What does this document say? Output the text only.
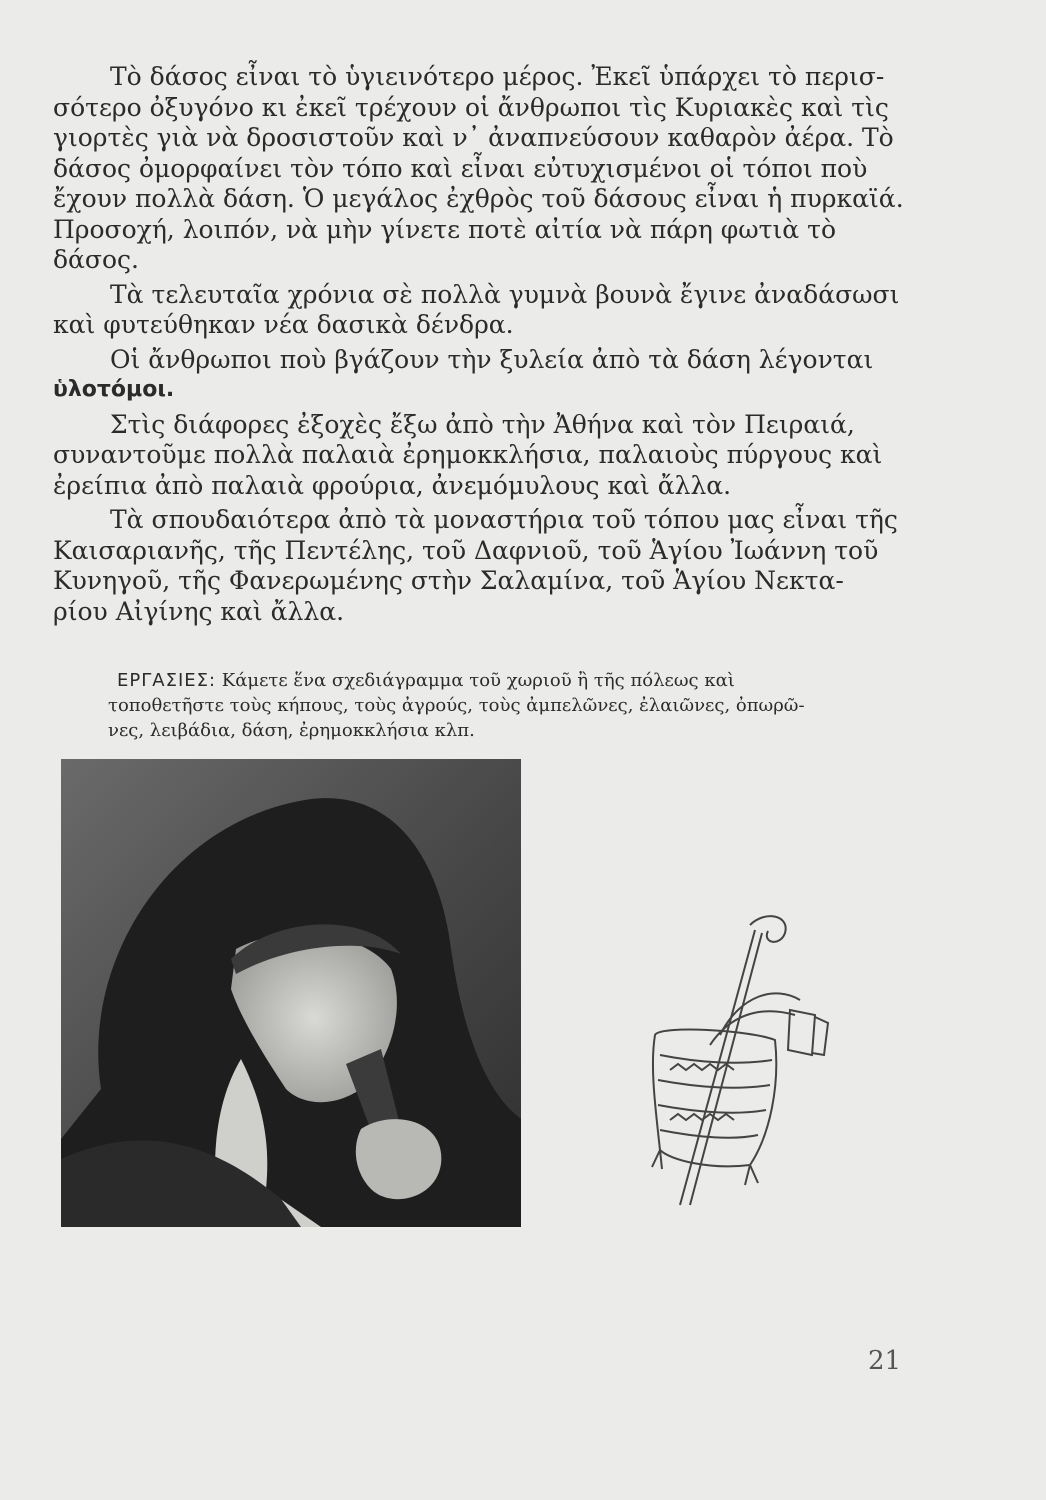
Τὸ δάσος εἶναι τὸ ὑγιεινότερο μέρος. Ἐκεῖ ὑπάρχει τὸ περισ-
σότερο ὀξυγόνο κι ἐκεῖ τρέχουν οἱ ἄνθρωποι τὶς Κυριακὲς καὶ τὶς
γιορτὲς γιὰ νὰ δροσιστοῦν καὶ ν᾽ ἀναπνεύσουν καθαρὸν ἀέρα. Τὸ
δάσος ὀμορφαίνει τὸν τόπο καὶ εἶναι εὐτυχισμένοι οἱ τόποι ποὺ
ἔχουν πολλὰ δάση. Ὁ μεγάλος ἐχθρὸς τοῦ δάσους εἶναι ἡ πυρκαϊά.
Προσοχή, λοιπόν, νὰ μὴν γίνετε ποτὲ αἰτία νὰ πάρη φωτιὰ τὸ
δάσος.

Τὰ τελευταῖα χρόνια σὲ πολλὰ γυμνὰ βουνὰ ἔγινε ἀναδάσωσι
καὶ φυτεύθηκαν νέα δασικὰ δένδρα.

Οἱ ἄνθρωποι ποὺ βγάζουν τὴν ξυλεία ἀπὸ τὰ δάση λέγονται
ὑλοτόμοι.

Στὶς διάφορες ἐξοχὲς ἔξω ἀπὸ τὴν Ἀθήνα καὶ τὸν Πειραιά,
συναντοῦμε πολλὰ παλαιὰ ἐρημοκκλήσια, παλαιοὺς πύργους καὶ
ἐρείπια ἀπὸ παλαιὰ φρούρια, ἀνεμόμυλους καὶ ἄλλα.

Τὰ σπουδαιότερα ἀπὸ τὰ μοναστήρια τοῦ τόπου μας εἶναι τῆς
Καισαριανῆς, τῆς Πεντέλης, τοῦ Δαφνιοῦ, τοῦ Ἁγίου Ἰωάννη τοῦ
Κυνηγοῦ, τῆς Φανερωμένης στὴν Σαλαμίνα, τοῦ Ἁγίου Νεκτα-
ρίου Αἰγίνης καὶ ἄλλα.

ΕΡΓΑΣΙΕΣ: Κάμετε ἕνα σχεδιάγραμμα τοῦ χωριοῦ ἢ τῆς πόλεως καὶ
τοποθετῆστε τοὺς κήπους, τοὺς ἀγρούς, τοὺς ἀμπελῶνες, ἐλαιῶνες, ὀπωρῶ-
νες, λειβάδια, δάση, ἐρημοκκλήσια κλπ.
21
